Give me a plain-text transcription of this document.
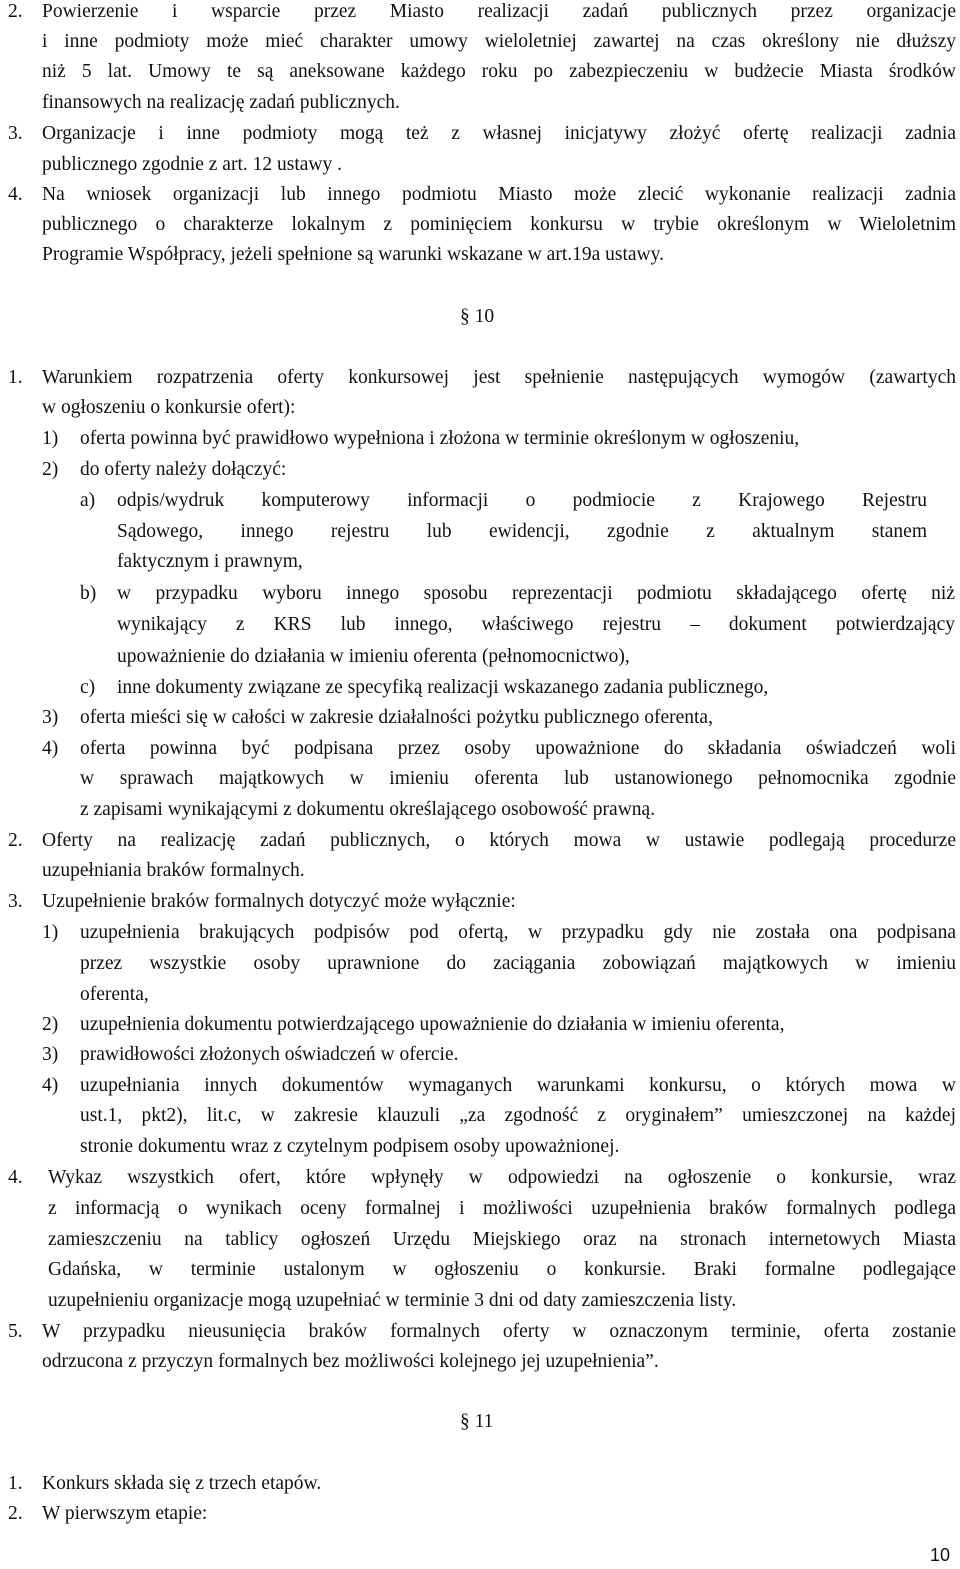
2. Powierzenie i wsparcie przez Miasto realizacji zadań publicznych przez organizacje
i inne podmioty może mieć charakter umowy wieloletniej zawartej na czas określony nie dłuższy
niż 5 lat. Umowy te są aneksowane każdego roku po zabezpieczeniu w budżecie Miasta środków
finansowych na realizację zadań publicznych.
3. Organizacje i inne podmioty mogą też z własnej inicjatywy złożyć ofertę realizacji zadnia
publicznego zgodnie z art. 12 ustawy .
4. Na wniosek organizacji lub innego podmiotu Miasto może zlecić wykonanie realizacji zadnia
publicznego o charakterze lokalnym z pominięciem konkursu w trybie określonym w Wieloletnim
Programie Współpracy, jeżeli spełnione są warunki wskazane w art.19a ustawy.
§ 10
1. Warunkiem rozpatrzenia oferty konkursowej jest spełnienie następujących wymogów (zawartych
w ogłoszeniu o konkursie ofert):
1) oferta powinna być prawidłowo wypełniona i złożona w terminie określonym w ogłoszeniu,
2) do oferty należy dołączyć:
a) odpis/wydruk komputerowy informacji o podmiocie z Krajowego Rejestru
Sądowego, innego rejestru lub ewidencji, zgodnie z aktualnym stanem
faktycznym i prawnym,
b) w przypadku wyboru innego sposobu reprezentacji podmiotu składającego ofertę niż
wynikający z KRS lub innego, właściwego rejestru – dokument potwierdzający
upoważnienie do działania w imieniu oferenta (pełnomocnictwo),
c) inne dokumenty związane ze specyfiką realizacji wskazanego zadania publicznego,
3) oferta mieści się w całości w zakresie działalności pożytku publicznego oferenta,
4) oferta powinna być podpisana przez osoby upoważnione do składania oświadczeń woli
w sprawach majątkowych w imieniu oferenta lub ustanowionego pełnomocnika zgodnie
z zapisami wynikającymi z dokumentu określającego osobowość prawną.
2. Oferty na realizację zadań publicznych, o których mowa w ustawie podlegają procedurze
uzupełniania braków formalnych.
3. Uzupełnienie braków formalnych dotyczyć może wyłącznie:
1) uzupełnienia brakujących podpisów pod ofertą, w przypadku gdy nie została ona podpisana
przez wszystkie osoby uprawnione do zaciągania zobowiązań majątkowych w imieniu
oferenta,
2) uzupełnienia dokumentu potwierdzającego upoważnienie do działania w imieniu oferenta,
3) prawidłowości złożonych oświadczeń w ofercie.
4) uzupełniania innych dokumentów wymaganych warunkami konkursu, o których mowa w
ust.1, pkt2), lit.c, w zakresie klauzuli „za zgodność z oryginałem” umieszczonej na każdej
stronie dokumentu wraz z czytelnym podpisem osoby upoważnionej.
4. Wykaz wszystkich ofert, które wpłynęły w odpowiedzi na ogłoszenie o konkursie, wraz
z informacją o wynikach oceny formalnej i możliwości uzupełnienia braków formalnych podlega
zamieszczeniu na tablicy ogłoszeń Urzędu Miejskiego oraz na stronach internetowych Miasta
Gdańska, w terminie ustalonym w ogłoszeniu o konkursie. Braki formalne podlegające
uzupełnieniu organizacje mogą uzupełniać w terminie 3 dni od daty zamieszczenia listy.
5. W przypadku nieusunięcia braków formalnych oferty w oznaczonym terminie, oferta zostanie
odrzucona z przyczyn formalnych bez możliwości kolejnego jej uzupełnienia”.
§ 11
1. Konkurs składa się z trzech etapów.
2. W pierwszym etapie:
10
